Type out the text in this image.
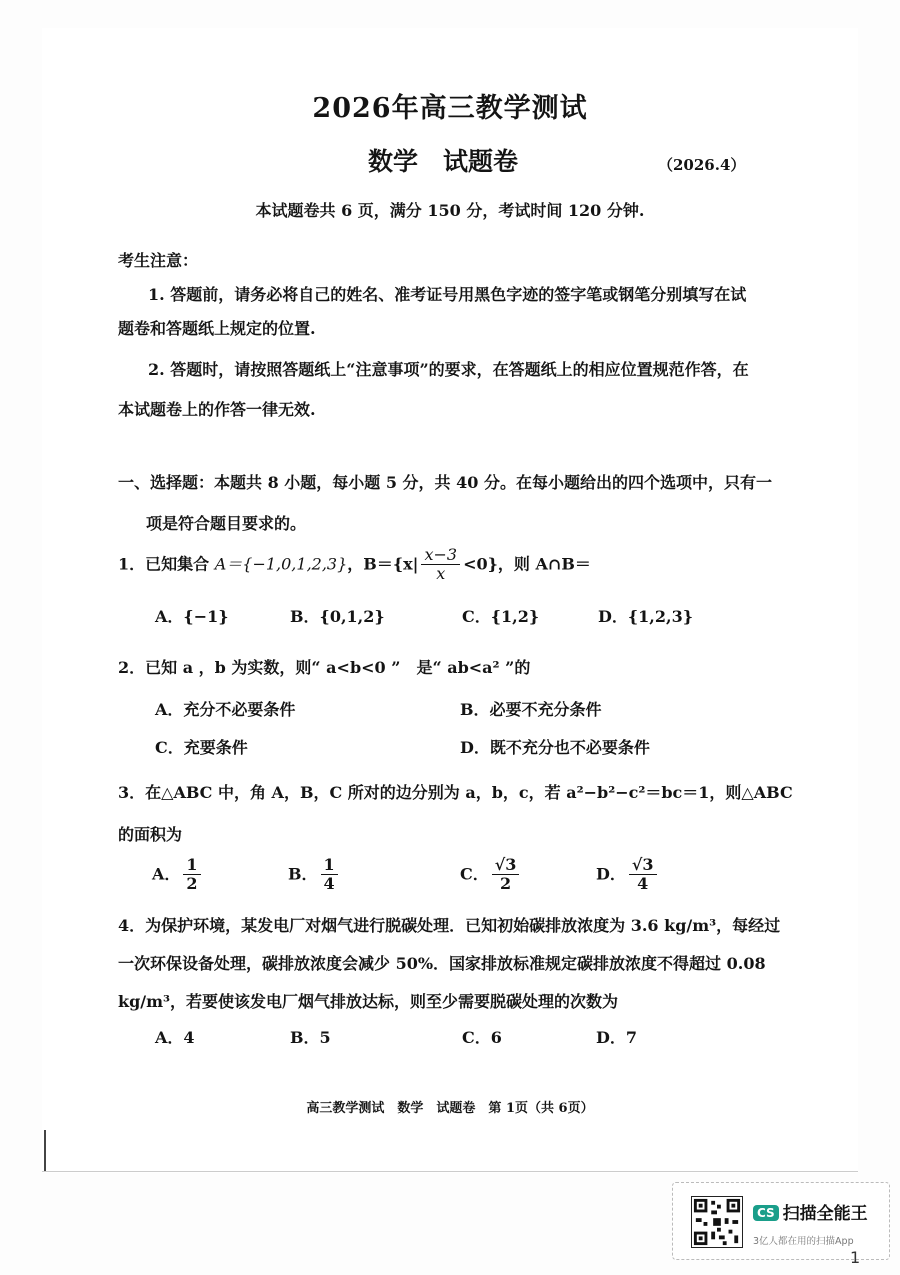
2026年高三教学测试
数学　试题卷	（2026.4）
本试题卷共 6 页，满分 150 分，考试时间 120 分钟.
考生注意：
1. 答题前，请务必将自己的姓名、准考证号用黑色字迹的签字笔或钢笔分别填写在试
题卷和答题纸上规定的位置.
2. 答题时，请按照答题纸上“注意事项”的要求，在答题纸上的相应位置规范作答，在
本试题卷上的作答一律无效.
一、选择题：本题共 8 小题，每小题 5 分，共 40 分。在每小题给出的四个选项中，只有一
项是符合题目要求的。
1．已知集合 A＝{−1,0,1,2,3}，$B=\{x| \frac{x-3}{x} <0\}$，则 A∩B＝
A．{−1}	B．{0,1,2}	C．{1,2}	D．{1,2,3}
2．已知 a ，b 为实数，则“ a<b<0 ”　是“ ab<a² ”的
A．充分不必要条件	B．必要不充分条件
C．充要条件	D．既不充分也不必要条件
3．在△ABC 中，角 A，B，C 所对的边分别为 a，b，c，若 a²−b²−c²＝bc＝1，则△ABC
的面积为
A． $\frac{1}{2}$	B． $\frac{1}{4}$	C． $\frac{√3}{2}$	D． $\frac{√3}{4}$
4．为保护环境，某发电厂对烟气进行脱碳处理．已知初始碳排放浓度为 3.6 kg/m³，每经过
一次环保设备处理，碳排放浓度会减少 50%．国家排放标准规定碳排放浓度不得超过 0.08
kg/m³，若要使该发电厂烟气排放达标，则至少需要脱碳处理的次数为
A．4	B．5	C．6	D．7
高三教学测试　数学　试题卷　第 1页（共 6页）
CS 扫描全能王
3亿人都在用的扫描App
1
